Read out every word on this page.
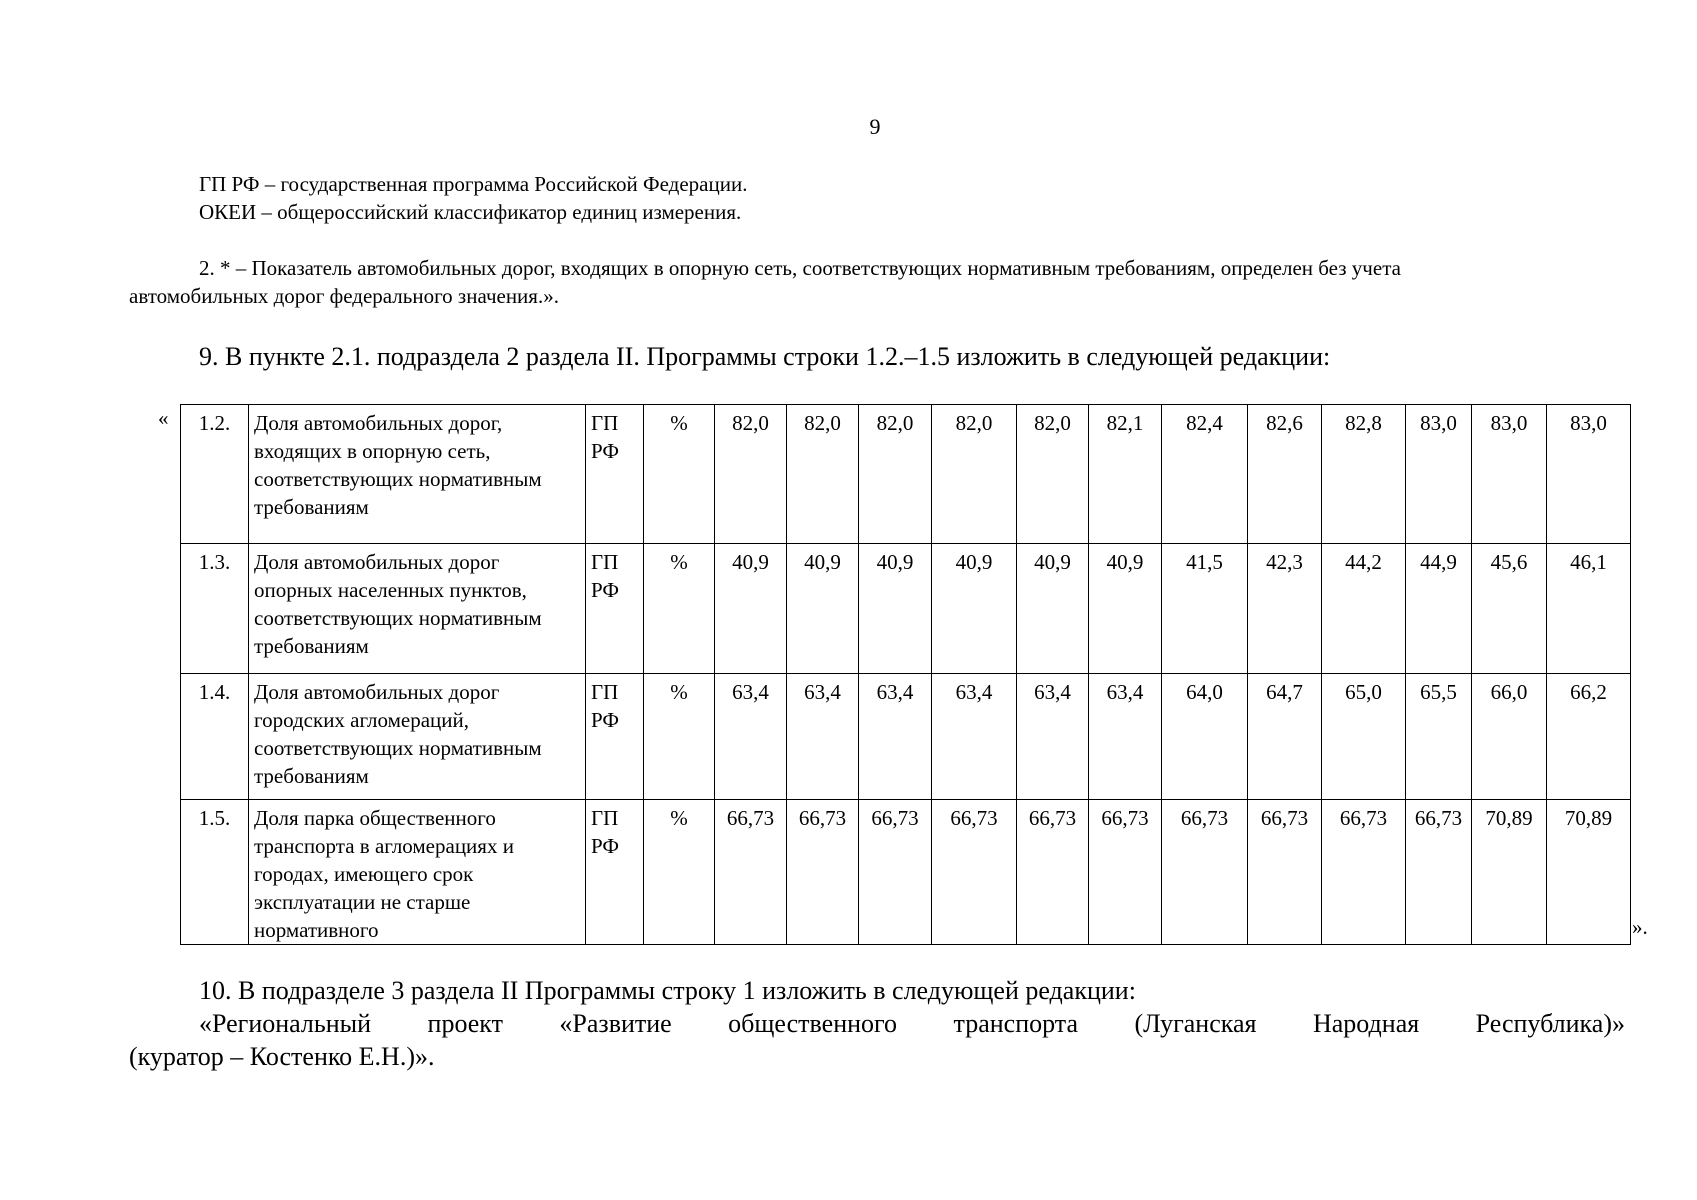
9
ГП РФ – государственная программа Российской Федерации.
ОКЕИ – общероссийский классификатор единиц измерения.
2. * – Показатель автомобильных дорог, входящих в опорную сеть, соответствующих нормативным требованиям, определен без учета
автомобильных дорог федерального значения.».
9. В пункте 2.1. подраздела 2 раздела II. Программы строки 1.2.–1.5 изложить в следующей редакции:
« 1.2.	Доля автомобильных дорог, входящих в опорную сеть, соответствующих нормативным требованиям	ГП РФ	%	82,0	82,0	82,0	82,0	82,0	82,1	82,4	82,6	82,8	83,0	83,0	83,0
1.3.	Доля автомобильных дорог опорных населенных пунктов, соответствующих нормативным требованиям	ГП РФ	%	40,9	40,9	40,9	40,9	40,9	40,9	41,5	42,3	44,2	44,9	45,6	46,1
1.4.	Доля автомобильных дорог городских агломераций, соответствующих нормативным требованиям	ГП РФ	%	63,4	63,4	63,4	63,4	63,4	63,4	64,0	64,7	65,0	65,5	66,0	66,2
1.5.	Доля парка общественного транспорта в агломерациях и городах, имеющего срок эксплуатации не старше нормативного	ГП РФ	%	66,73	66,73	66,73	66,73	66,73	66,73	66,73	66,73	66,73	66,73	70,89	70,89
».
10. В подразделе 3 раздела II Программы строку 1 изложить в следующей редакции:
«Региональный проект «Развитие общественного транспорта (Луганская Народная Республика)»
(куратор – Костенко Е.Н.)».
